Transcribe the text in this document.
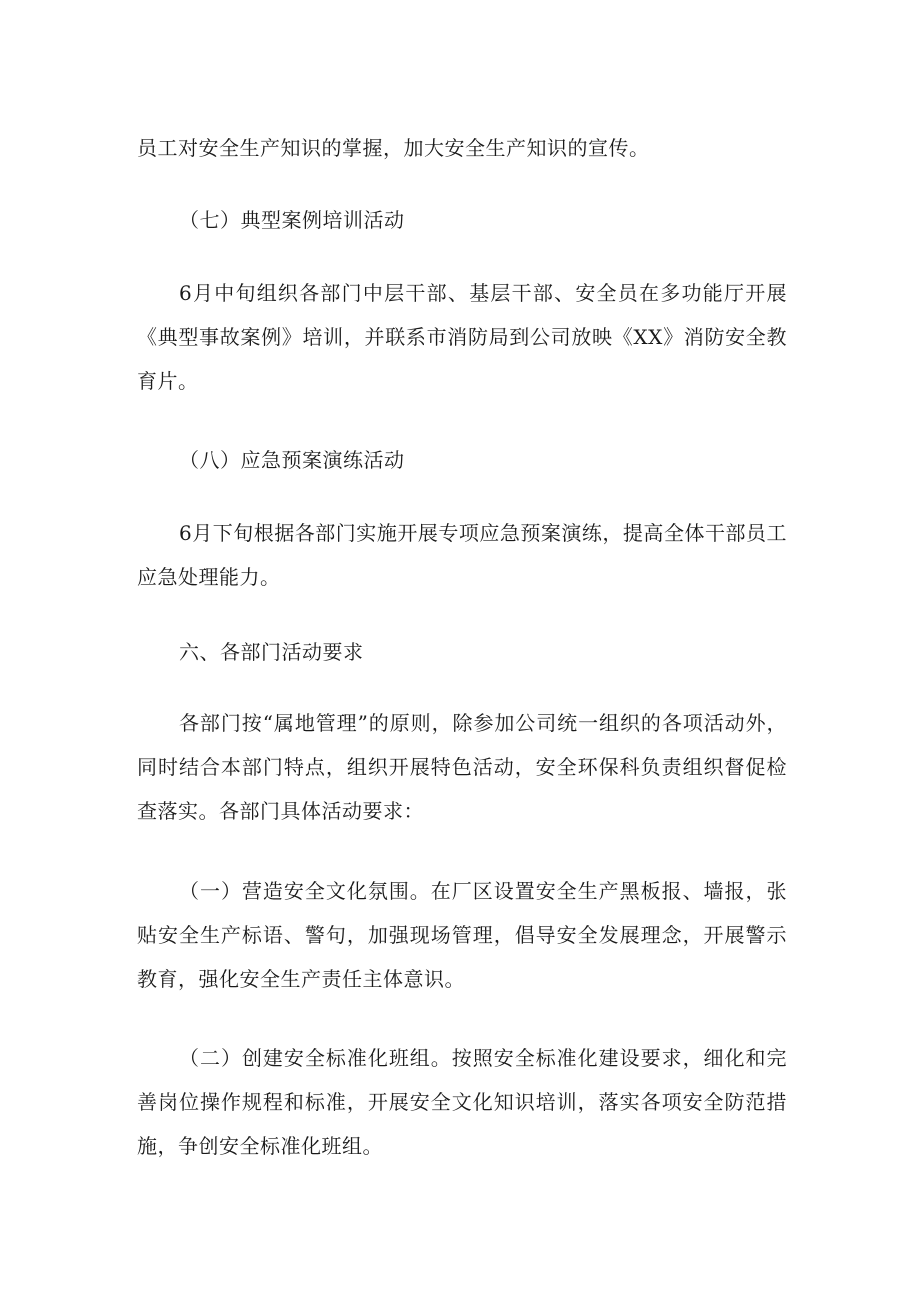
员工对安全生产知识的掌握，加大安全生产知识的宣传。

（七）典型案例培训活动

6月中旬组织各部门中层干部、基层干部、安全员在多功能厅开展《典型事故案例》培训，并联系市消防局到公司放映《XX》消防安全教育片。

（八）应急预案演练活动

6月下旬根据各部门实施开展专项应急预案演练，提高全体干部员工应急处理能力。

六、各部门活动要求

各部门按“属地管理”的原则，除参加公司统一组织的各项活动外，同时结合本部门特点，组织开展特色活动，安全环保科负责组织督促检查落实。各部门具体活动要求：

（一）营造安全文化氛围。在厂区设置安全生产黑板报、墙报，张贴安全生产标语、警句，加强现场管理，倡导安全发展理念，开展警示教育，强化安全生产责任主体意识。

（二）创建安全标准化班组。按照安全标准化建设要求，细化和完善岗位操作规程和标准，开展安全文化知识培训，落实各项安全防范措施，争创安全标准化班组。
